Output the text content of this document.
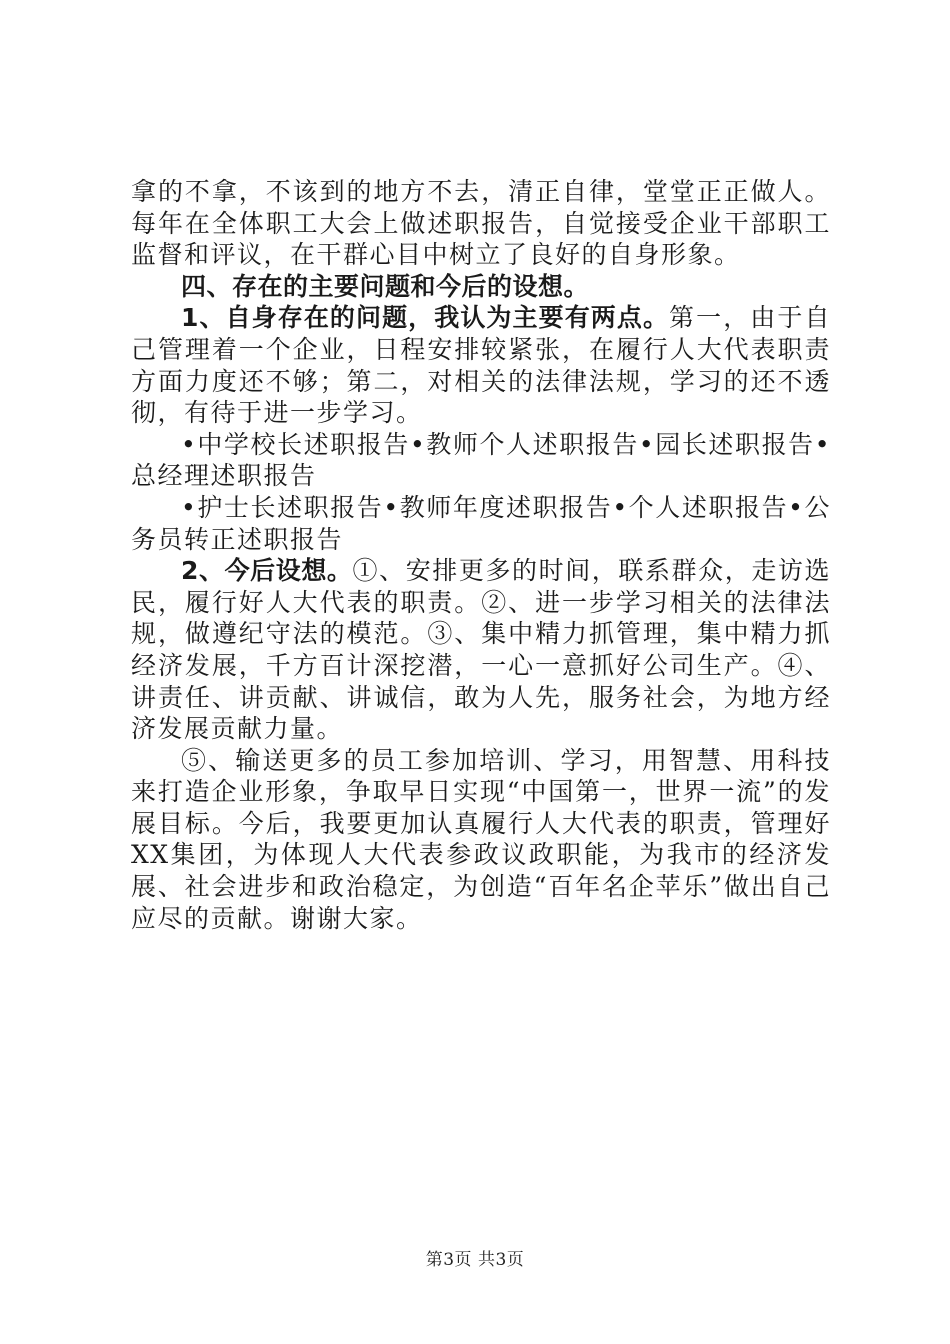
拿的不拿，不该到的地方不去，清正自律，堂堂正正做人。每年在全体职工大会上做述职报告，自觉接受企业干部职工监督和评议，在干群心目中树立了良好的自身形象。

四、存在的主要问题和今后的设想。

1、自身存在的问题，我认为主要有两点。第一，由于自己管理着一个企业，日程安排较紧张，在履行人大代表职责方面力度还不够；第二，对相关的法律法规，学习的还不透彻，有待于进一步学习。

•中学校长述职报告•教师个人述职报告•园长述职报告•总经理述职报告

•护士长述职报告•教师年度述职报告•个人述职报告•公务员转正述职报告

2、今后设想。①、安排更多的时间，联系群众，走访选民，履行好人大代表的职责。②、进一步学习相关的法律法规，做遵纪守法的模范。③、集中精力抓管理，集中精力抓经济发展，千方百计深挖潜，一心一意抓好公司生产。④、讲责任、讲贡献、讲诚信，敢为人先，服务社会，为地方经济发展贡献力量。

⑤、输送更多的员工参加培训、学习，用智慧、用科技来打造企业形象，争取早日实现“中国第一，世界一流”的发展目标。今后，我要更加认真履行人大代表的职责，管理好XX集团，为体现人大代表参政议政职能，为我市的经济发展、社会进步和政治稳定，为创造“百年名企苹乐”做出自己应尽的贡献。谢谢大家。

第3页 共3页
